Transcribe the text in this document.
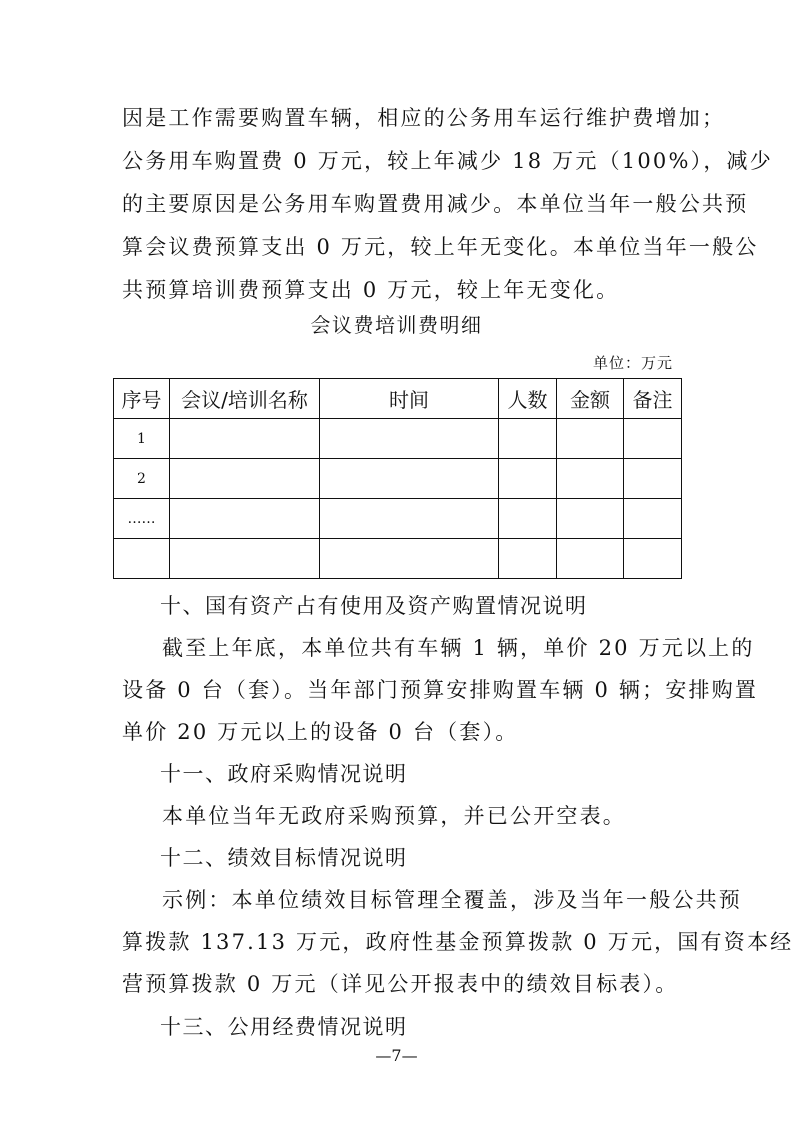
因是工作需要购置车辆，相应的公务用车运行维护费增加；
公务用车购置费 0 万元，较上年减少 18 万元（100%），减少
的主要原因是公务用车购置费用减少。本单位当年一般公共预
算会议费预算支出 0 万元，较上年无变化。本单位当年一般公
共预算培训费预算支出 0 万元，较上年无变化。
会议费培训费明细
单位：万元
序号	会议/培训名称	时间	人数	金额	备注
1					
2					
……					

十、国有资产占有使用及资产购置情况说明
截至上年底，本单位共有车辆 1 辆，单价 20 万元以上的
设备 0 台（套）。当年部门预算安排购置车辆 0 辆；安排购置
单价 20 万元以上的设备 0 台（套）。
十一、政府采购情况说明
本单位当年无政府采购预算，并已公开空表。
十二、绩效目标情况说明
示例：本单位绩效目标管理全覆盖，涉及当年一般公共预
算拨款 137.13 万元，政府性基金预算拨款 0 万元，国有资本经
营预算拨款 0 万元（详见公开报表中的绩效目标表）。
十三、公用经费情况说明
—7—
